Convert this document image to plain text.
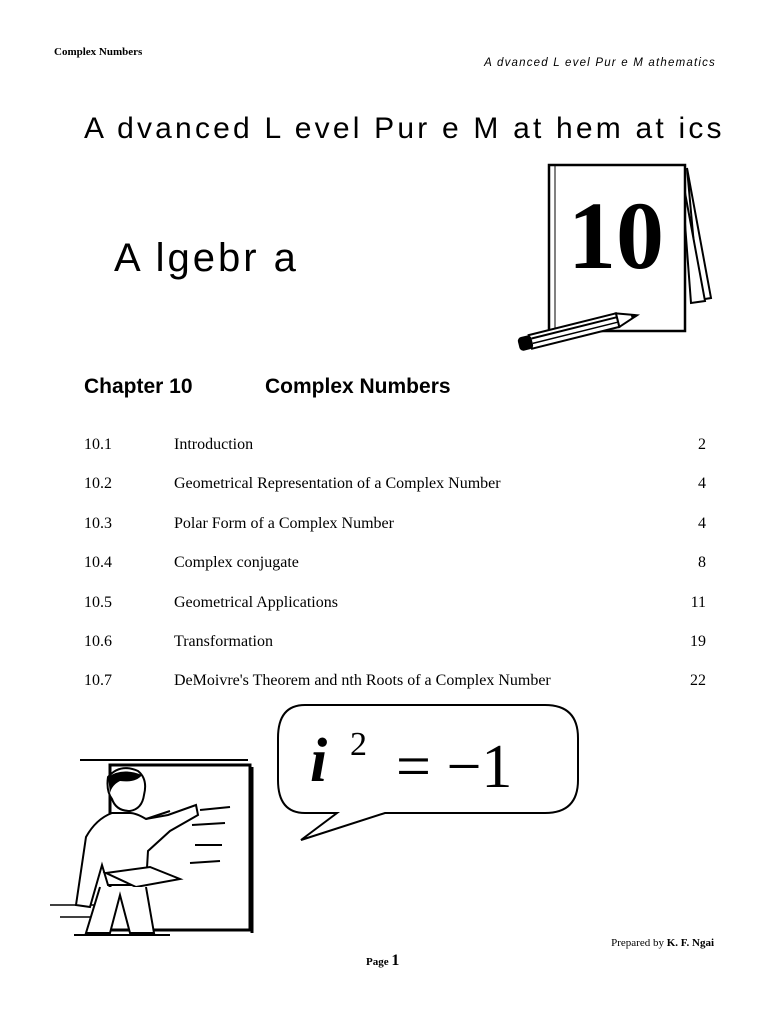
Complex Numbers
A dvanced L evel Pur e M athematics
A dvanced L evel Pur e M at hem at ics
A lgebr a	10
Chapter 10	Complex Numbers
10.1	Introduction	2
10.2	Geometrical Representation of a Complex Number	4
10.3	Polar Form of a Complex Number	4
10.4	Complex conjugate	8
10.5	Geometrical Applications	11
10.6	Transformation	19
10.7	DeMoivre's Theorem and nth Roots of a Complex Number	22
i 2 = −1
Prepared by K. F. Ngai
Page 1
